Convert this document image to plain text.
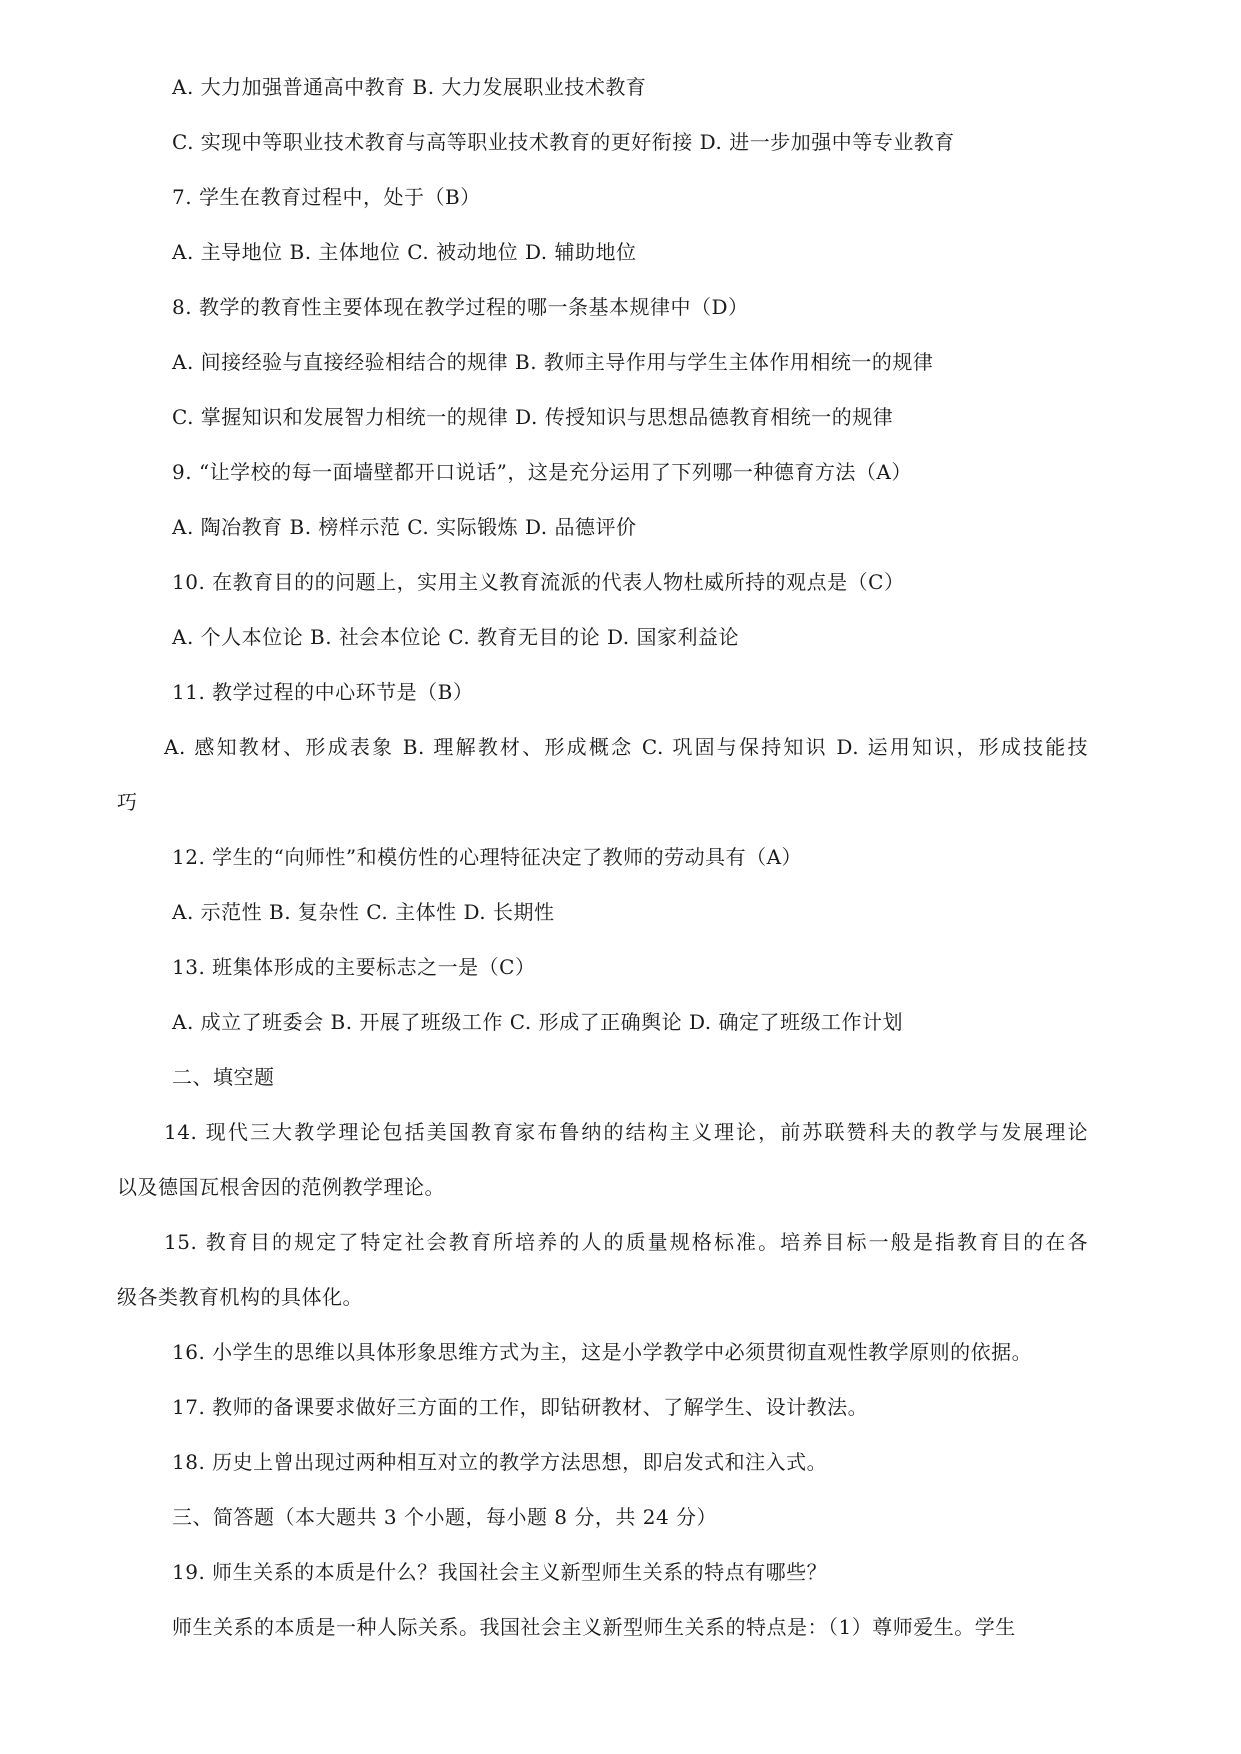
A. 大力加强普通高中教育 B. 大力发展职业技术教育
C. 实现中等职业技术教育与高等职业技术教育的更好衔接 D. 进一步加强中等专业教育
7. 学生在教育过程中，处于（B）
A. 主导地位 B. 主体地位 C. 被动地位 D. 辅助地位
8. 教学的教育性主要体现在教学过程的哪一条基本规律中（D）
A. 间接经验与直接经验相结合的规律 B. 教师主导作用与学生主体作用相统一的规律
C. 掌握知识和发展智力相统一的规律 D. 传授知识与思想品德教育相统一的规律
9. “让学校的每一面墙壁都开口说话”，这是充分运用了下列哪一种德育方法（A）
A. 陶冶教育 B. 榜样示范 C. 实际锻炼 D. 品德评价
10. 在教育目的的问题上，实用主义教育流派的代表人物杜威所持的观点是（C）
A. 个人本位论 B. 社会本位论 C. 教育无目的论 D. 国家利益论
11. 教学过程的中心环节是（B）
A. 感知教材、形成表象 B. 理解教材、形成概念 C. 巩固与保持知识 D. 运用知识，形成技能技
巧
12. 学生的“向师性”和模仿性的心理特征决定了教师的劳动具有（A）
A. 示范性 B. 复杂性 C. 主体性 D. 长期性
13. 班集体形成的主要标志之一是（C）
A. 成立了班委会 B. 开展了班级工作 C. 形成了正确舆论 D. 确定了班级工作计划
二、填空题
14. 现代三大教学理论包括美国教育家布鲁纳的结构主义理论，前苏联赞科夫的教学与发展理论
以及德国瓦根舍因的范例教学理论。
15. 教育目的规定了特定社会教育所培养的人的质量规格标准。培养目标一般是指教育目的在各
级各类教育机构的具体化。
16. 小学生的思维以具体形象思维方式为主，这是小学教学中必须贯彻直观性教学原则的依据。
17. 教师的备课要求做好三方面的工作，即钻研教材、了解学生、设计教法。
18. 历史上曾出现过两种相互对立的教学方法思想，即启发式和注入式。
三、简答题（本大题共 3 个小题，每小题 8 分，共 24 分）
19. 师生关系的本质是什么？我国社会主义新型师生关系的特点有哪些？
师生关系的本质是一种人际关系。我国社会主义新型师生关系的特点是：（1）尊师爱生。学生
